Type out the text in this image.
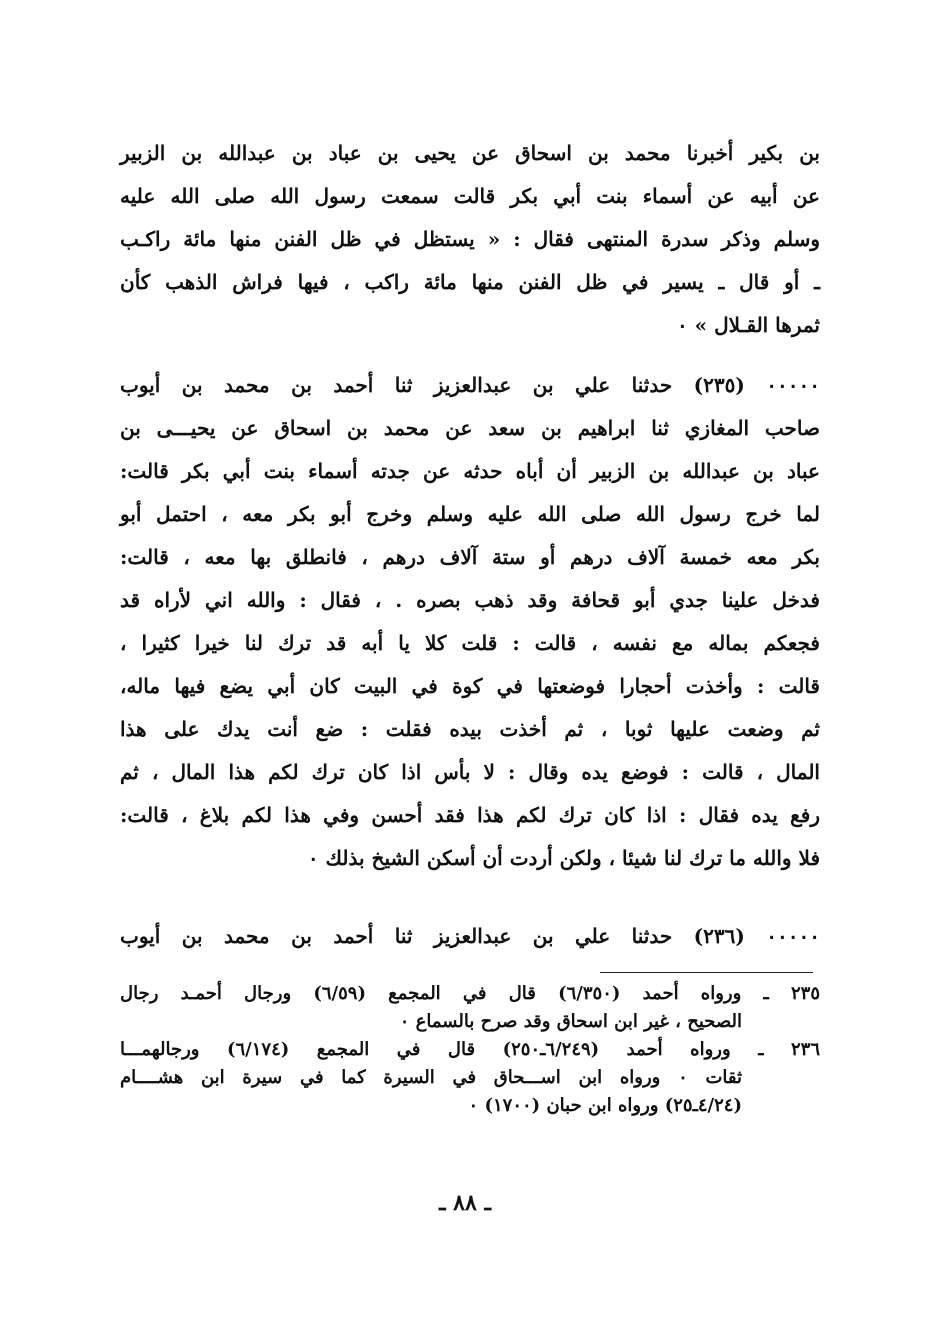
بن بكير أخبرنا محمد بن اسحاق عن يحيى بن عباد بن عبدالله بن الزبير
عن أبيه عن أسماء بنت أبي بكر قالت سمعت رسول الله صلى الله عليه
وسلم وذكر سدرة المنتهى فقال : « يستظل في ظل الفنن منها مائة راكـب
ـ أو قال ـ يسير في ظل الفنن منها مائة راكب ، فيها فراش الذهب كأن
ثمرها القـلال » ٠
٠٠٠٠٠ (٢٣٥) حدثنا علي بن عبدالعزيز ثنا أحمد بن محمد بن أيوب
صاحب المغازي ثنا ابراهيم بن سعد عن محمد بن اسحاق عن يحيـــى بن
عباد بن عبدالله بن الزبير أن أباه حدثه عن جدته أسماء بنت أبي بكر قالت:
لما خرج رسول الله صلى الله عليه وسلم وخرج أبو بكر معه ، احتمل أبو
بكر معه خمسة آلاف درهم أو ستة آلاف درهم ، فانطلق بها معه ، قالت:
فدخل علينا جدي أبو قحافة وقد ذهب بصره . ، فقال : والله اني لأراه قد
فجعكم بماله مع نفسه ، قالت : قلت كلا يا أبه قد ترك لنا خيرا كثيرا ،
قالت : وأخذت أحجارا فوضعتها في كوة في البيت كان أبي يضع فيها ماله،
ثم وضعت عليها ثوبا ، ثم أخذت بيده فقلت : ضع أنت يدك على هذا
المال ، قالت : فوضع يده وقال : لا بأس اذا كان ترك لكم هذا المال ، ثم
رفع يده فقال : اذا كان ترك لكم هذا فقد أحسن وفي هذا لكم بلاغ ، قالت:
فلا والله ما ترك لنا شيئا ، ولكن أردت أن أسكن الشيخ بذلك ٠
٠٠٠٠٠ (٢٣٦) حدثنا علي بن عبدالعزيز ثنا أحمد بن محمد بن أيوب
٢٣٥ ـ ورواه أحمد (٦/٣٥٠) قال في المجمع (٦/٥٩) ورجال أحمـد رجال
الصحيح ، غير ابن اسحاق وقد صرح بالسماع ٠
٢٣٦ ـ ورواه أحمد (٦/٢٤٩ـ٢٥٠) قال في المجمع (٦/١٧٤) ورجالهمـــا
ثقات ٠ ورواه ابن اســـحاق في السيرة كما في سيرة ابن هشــــام
(٤/٢٤ـ٢٥) ورواه ابن حبان (١٧٠٠) ٠
ـ ٨٨ ـ
